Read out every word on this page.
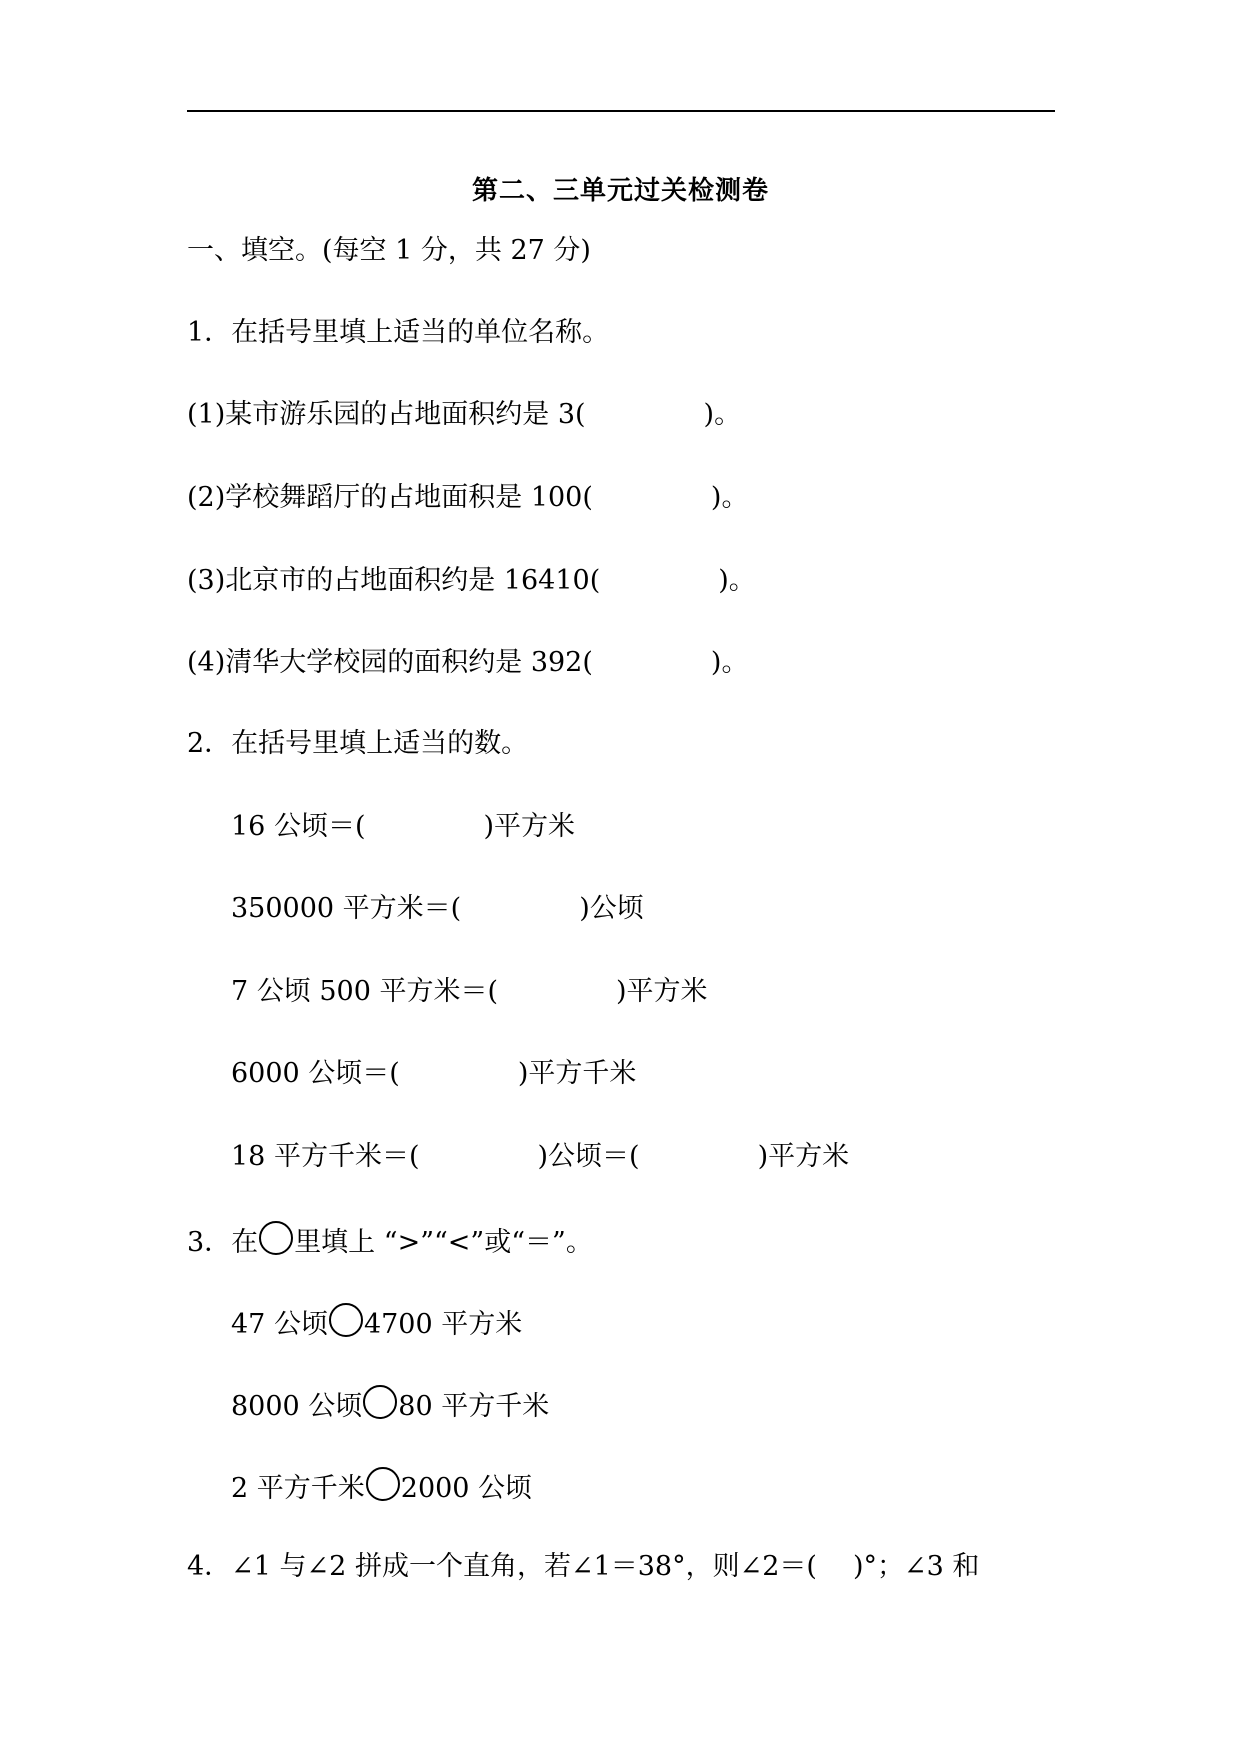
第二、三单元过关检测卷
一、填空。(每空 1 分，共 27 分)
1．在括号里填上适当的单位名称。
(1)某市游乐园的占地面积约是 3(	)。
(2)学校舞蹈厅的占地面积是 100(	)。
(3)北京市的占地面积约是 16410(	)。
(4)清华大学校园的面积约是 392(	)。
2．在括号里填上适当的数。
16 公顷＝(	)平方米
350000 平方米＝(	)公顷
7 公顷 500 平方米＝(	)平方米
6000 公顷＝(	)平方千米
18 平方千米＝(	)公顷＝(	)平方米
3．在 里填上 “>”“<”或“＝”。
47 公顷 4700 平方米
8000 公顷 80 平方千米
2 平方千米 2000 公顷
4．∠1 与∠2 拼成一个直角，若∠1＝38°，则∠2＝( )°；∠3 和
